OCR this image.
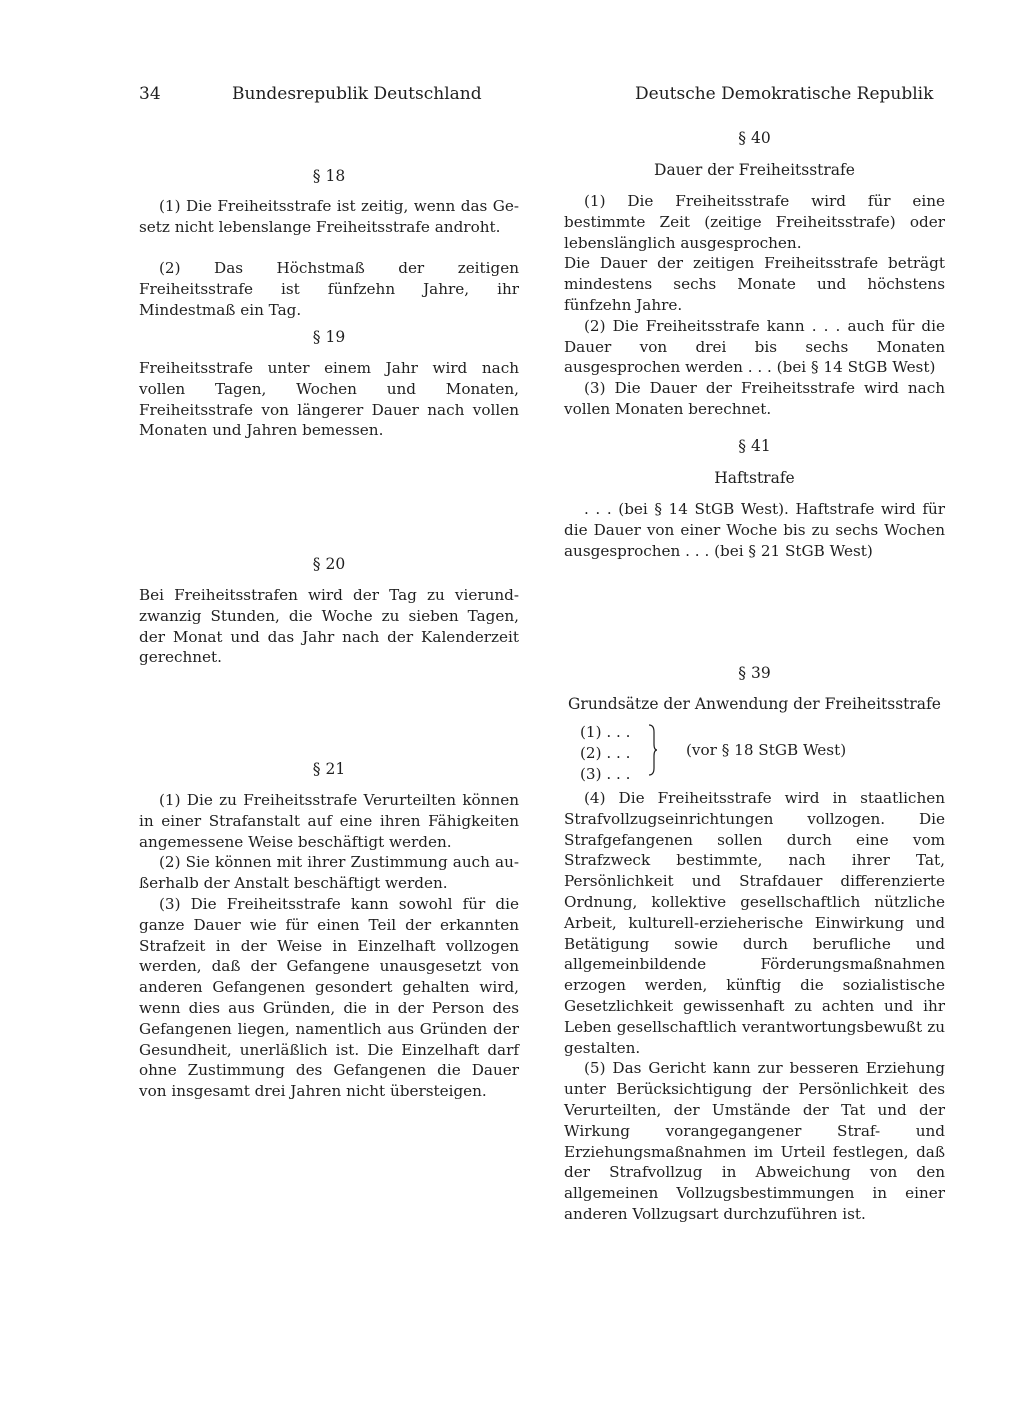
34	Bundesrepublik Deutschland	Deutsche Demokratische Republik
§ 18

(1) Die Freiheitsstrafe ist zeitig, wenn das Gesetz nicht lebenslange Freiheitsstrafe androht.

(2) Das Höchstmaß der zeitigen Freiheitsstrafe ist fünfzehn Jahre, ihr Mindestmaß ein Tag.

§ 19

Freiheitsstrafe unter einem Jahr wird nach vollen Tagen, Wochen und Monaten, Freiheitsstrafe von längerer Dauer nach vollen Monaten und Jahren bemessen.

§ 20

Bei Freiheitsstrafen wird der Tag zu vierundzwanzig Stunden, die Woche zu sieben Tagen, der Monat und das Jahr nach der Kalenderzeit gerechnet.

§ 21

(1) Die zu Freiheitsstrafe Verurteilten können in einer Strafanstalt auf eine ihren Fähigkeiten angemessene Weise beschäftigt werden.

(2) Sie können mit ihrer Zustimmung auch außerhalb der Anstalt beschäftigt werden.

(3) Die Freiheitsstrafe kann sowohl für die ganze Dauer wie für einen Teil der erkannten Strafzeit in der Weise in Einzelhaft vollzogen werden, daß der Gefangene unausgesetzt von anderen Gefangenen gesondert gehalten wird, wenn dies aus Gründen, die in der Person des Gefangenen liegen, namentlich aus Gründen der Gesundheit, unerläßlich ist. Die Einzelhaft darf ohne Zustimmung des Gefangenen die Dauer von insgesamt drei Jahren nicht übersteigen.

§ 40
Dauer der Freiheitsstrafe

(1) Die Freiheitsstrafe wird für eine bestimmte Zeit (zeitige Freiheitsstrafe) oder lebenslänglich ausgesprochen.

Die Dauer der zeitigen Freiheitsstrafe beträgt mindestens sechs Monate und höchstens fünfzehn Jahre.

(2) Die Freiheitsstrafe kann . . . auch für die Dauer von drei bis sechs Monaten ausgesprochen werden . . . (bei § 14 StGB West)

(3) Die Dauer der Freiheitsstrafe wird nach vollen Monaten berechnet.

§ 41
Haftstrafe

. . . (bei § 14 StGB West). Haftstrafe wird für die Dauer von einer Woche bis zu sechs Wochen ausgesprochen . . . (bei § 21 StGB West)

§ 39
Grundsätze der Anwendung der Freiheitsstrafe
(1) . . .
(2) . . .
(3) . . .
(vor § 18 StGB West)

(4) Die Freiheitsstrafe wird in staatlichen Strafvollzugseinrichtungen vollzogen. Die Strafgefangenen sollen durch eine vom Strafzweck bestimmte, nach ihrer Tat, Persönlichkeit und Strafdauer differenzierte Ordnung, kollektive gesellschaftlich nützliche Arbeit, kulturell-erzieherische Einwirkung und Betätigung sowie durch berufliche und allgemeinbildende Förderungsmaßnahmen erzogen werden, künftig die sozialistische Gesetzlichkeit gewissenhaft zu achten und ihr Leben gesellschaftlich verantwortungsbewußt zu gestalten.

(5) Das Gericht kann zur besseren Erziehung unter Berücksichtigung der Persönlichkeit des Verurteilten, der Umstände der Tat und der Wirkung vorangegangener Straf- und Erziehungsmaßnahmen im Urteil festlegen, daß der Strafvollzug in Abweichung von den allgemeinen Vollzugsbestimmungen in einer anderen Vollzugsart durchzuführen ist.
